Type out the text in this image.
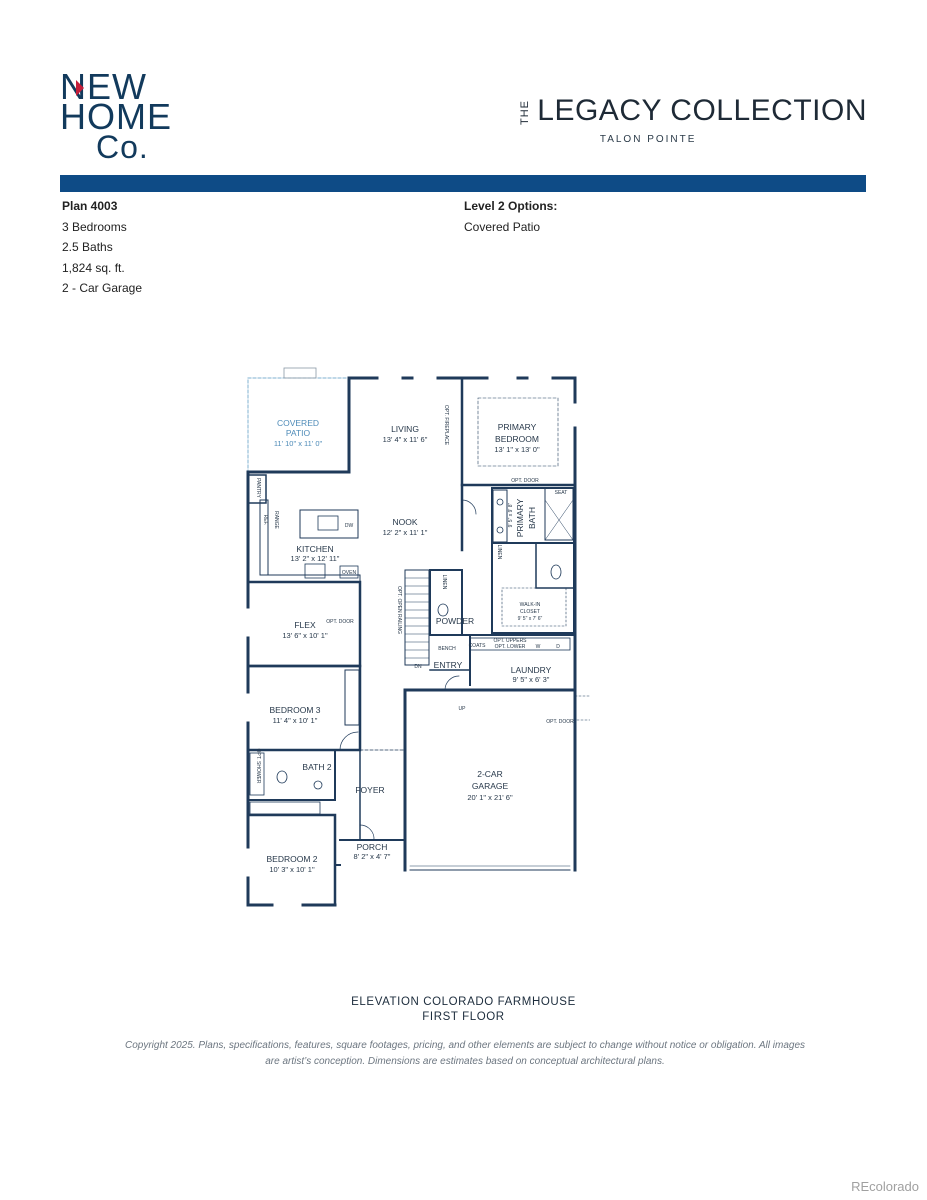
NEW
HOME
Co.
THE LEGACY COLLECTION
TALON POINTE
Plan 4003
3 Bedrooms
2.5 Baths
1,824 sq. ft.
2 - Car Garage
Level 2 Options:
Covered Patio
COVERED
PATIO
11' 10" x 11' 0"
LIVING
13' 4" x 11' 6"
PRIMARY
BEDROOM
13' 1" x 13' 0"
NOOK
12' 2" x 11' 1"
KITCHEN
13' 2" x 12' 11"
PRIMARY BATH
9' 5" x 9' 8"
WALK-IN
CLOSET
9' 5" x 7' 6"
FLEX
13' 6" x 10' 1"
POWDER
ENTRY	LAUNDRY
9' 5" x 6' 3"
BEDROOM 3
11' 4" x 10' 1"
BATH 2
FOYER
2-CAR
GARAGE
20' 1" x 21' 6"
PORCH
8' 2" x 4' 7"
BEDROOM 2
10' 3" x 10' 1"
PANTRY
REF. RANGE	DW
OVEN
OPT. FIREPLACE
OPT. DOOR
OPT. DOOR
OPT. DOOR
OPT. OPEN RAILING
LINEN
LINEN
SEAT
BENCH	COATS
OPT. UPPERS
OPT. LOWER W	D
DN
UP
OPT. SHOWER
ELEVATION COLORADO FARMHOUSE
FIRST FLOOR
Copyright 2025. Plans, specifications, features, square footages, pricing, and other elements are subject to change without notice or obligation. All images are artist’s conception. Dimensions are estimates based on conceptual architectural plans.
REcolorado
